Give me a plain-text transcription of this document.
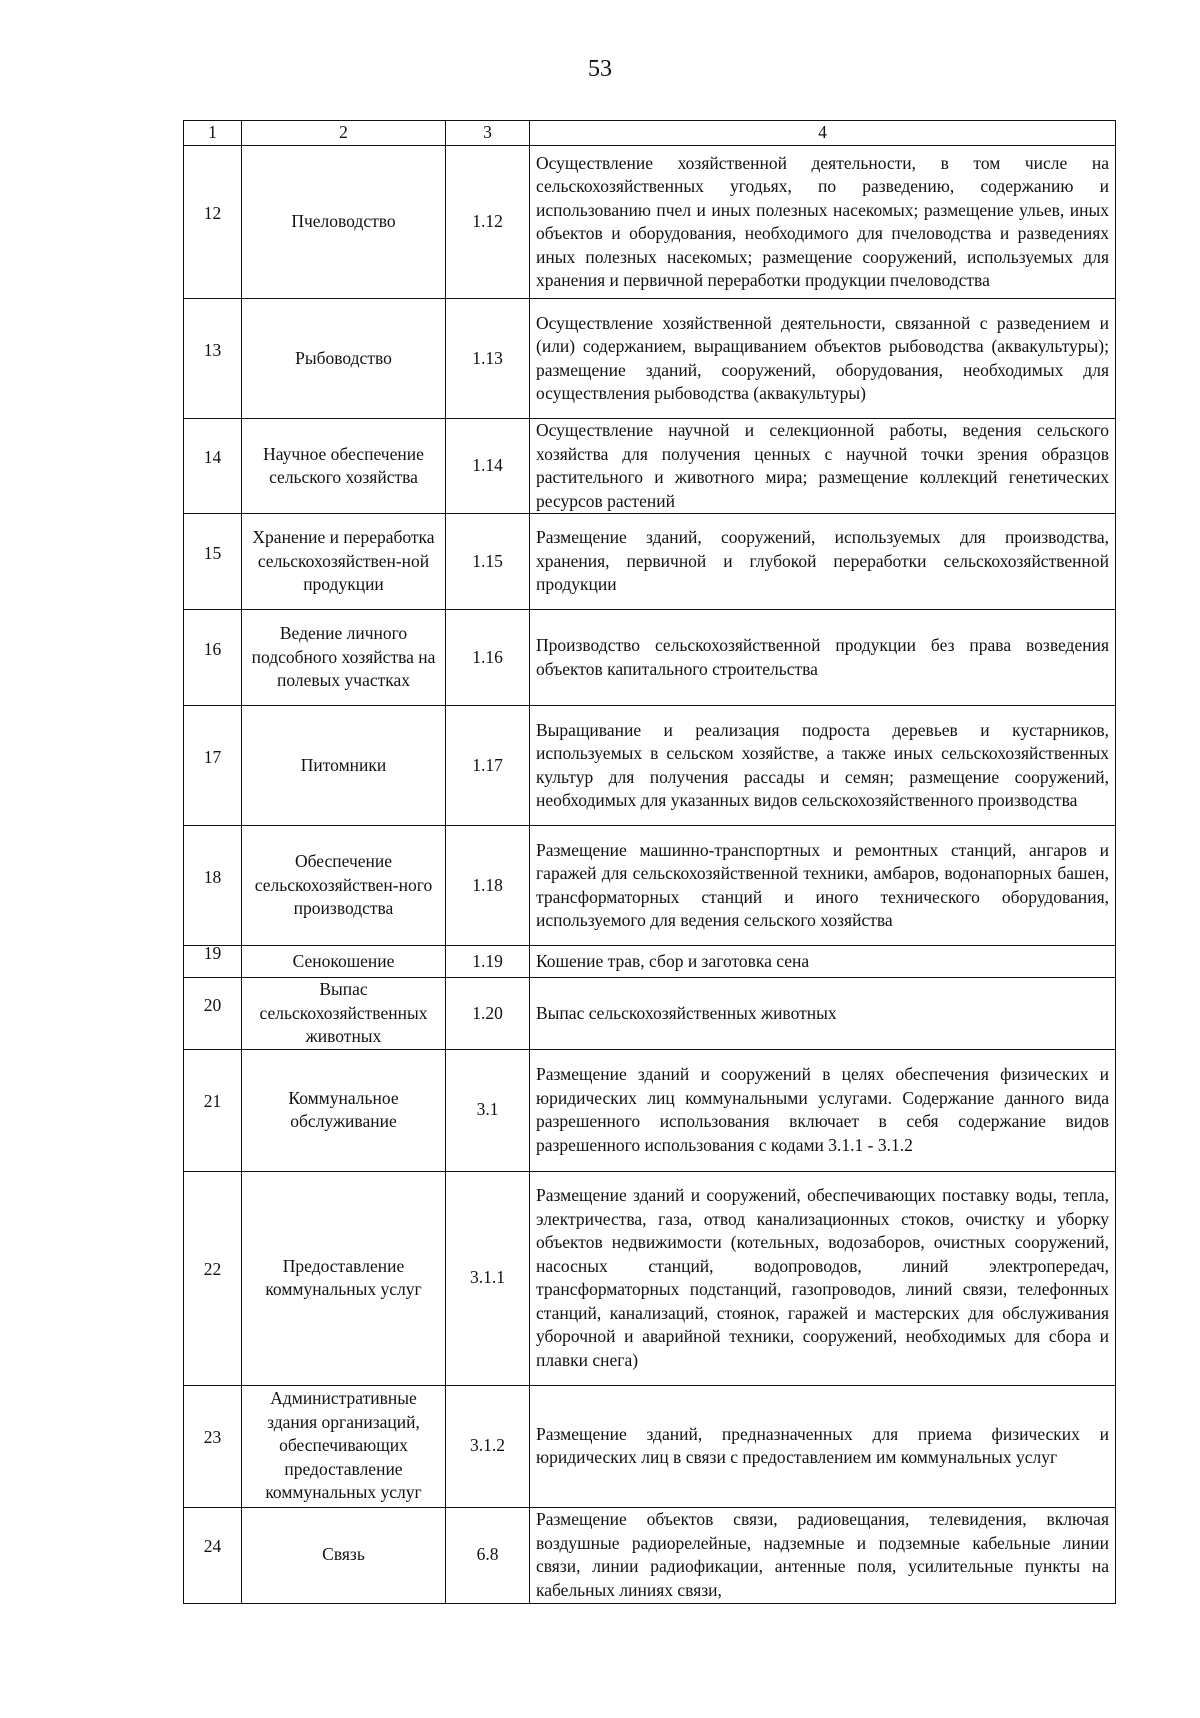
53
1	2	3	4
12	Пчеловодство	1.12	Осуществление хозяйственной деятельности, в том числе на сельскохозяйственных угодьях, по разведению, содержанию и использованию пчел и иных полезных насекомых; размещение ульев, иных объектов и оборудования, необходимого для пчеловодства и разведениях иных полезных насекомых; размещение сооружений, используемых для хранения и первичной переработки продукции пчеловодства
13	Рыбоводство	1.13	Осуществление хозяйственной деятельности, связанной с разведением и (или) содержанием, выращиванием объектов рыбоводства (аквакультуры); размещение зданий, сооружений, оборудования, необходимых для осуществления рыбоводства (аквакультуры)
14	Научное обеспечение сельского хозяйства	1.14	Осуществление научной и селекционной работы, ведения сельского хозяйства для получения ценных с научной точки зрения образцов растительного и животного мира; размещение коллекций генетических ресурсов растений
15	Хранение и переработка сельскохозяйствен-ной продукции	1.15	Размещение зданий, сооружений, используемых для производства, хранения, первичной и глубокой переработки сельскохозяйственной продукции
16	Ведение личного подсобного хозяйства на полевых участках	1.16	Производство сельскохозяйственной продукции без права возведения объектов капитального строительства
17	Питомники	1.17	Выращивание и реализация подроста деревьев и кустарников, используемых в сельском хозяйстве, а также иных сельскохозяйственных культур для получения рассады и семян; размещение сооружений, необходимых для указанных видов сельскохозяйственного производства
18	Обеспечение сельскохозяйствен-ного производства	1.18	Размещение машинно-транспортных и ремонтных станций, ангаров и гаражей для сельскохозяйственной техники, амбаров, водонапорных башен, трансформаторных станций и иного технического оборудования, используемого для ведения сельского хозяйства
19	Сенокошение	1.19	Кошение трав, сбор и заготовка сена
20	Выпас сельскохозяйственных животных	1.20	Выпас сельскохозяйственных животных
21	Коммунальное обслуживание	3.1	Размещение зданий и сооружений в целях обеспечения физических и юридических лиц коммунальными услугами. Содержание данного вида разрешенного использования включает в себя содержание видов разрешенного использования с кодами 3.1.1 - 3.1.2
22	Предоставление коммунальных услуг	3.1.1	Размещение зданий и сооружений, обеспечивающих поставку воды, тепла, электричества, газа, отвод канализационных стоков, очистку и уборку объектов недвижимости (котельных, водозаборов, очистных сооружений, насосных станций, водопроводов, линий электропередач, трансформаторных подстанций, газопроводов, линий связи, телефонных станций, канализаций, стоянок, гаражей и мастерских для обслуживания уборочной и аварийной техники, сооружений, необходимых для сбора и плавки снега)
23	Административные здания организаций, обеспечивающих предоставление коммунальных услуг	3.1.2	Размещение зданий, предназначенных для приема физических и юридических лиц в связи с предоставлением им коммунальных услуг
24	Связь	6.8	Размещение объектов связи, радиовещания, телевидения, включая воздушные радиорелейные, надземные и подземные кабельные линии связи, линии радиофикации, антенные поля, усилительные пункты на кабельных линиях связи,
